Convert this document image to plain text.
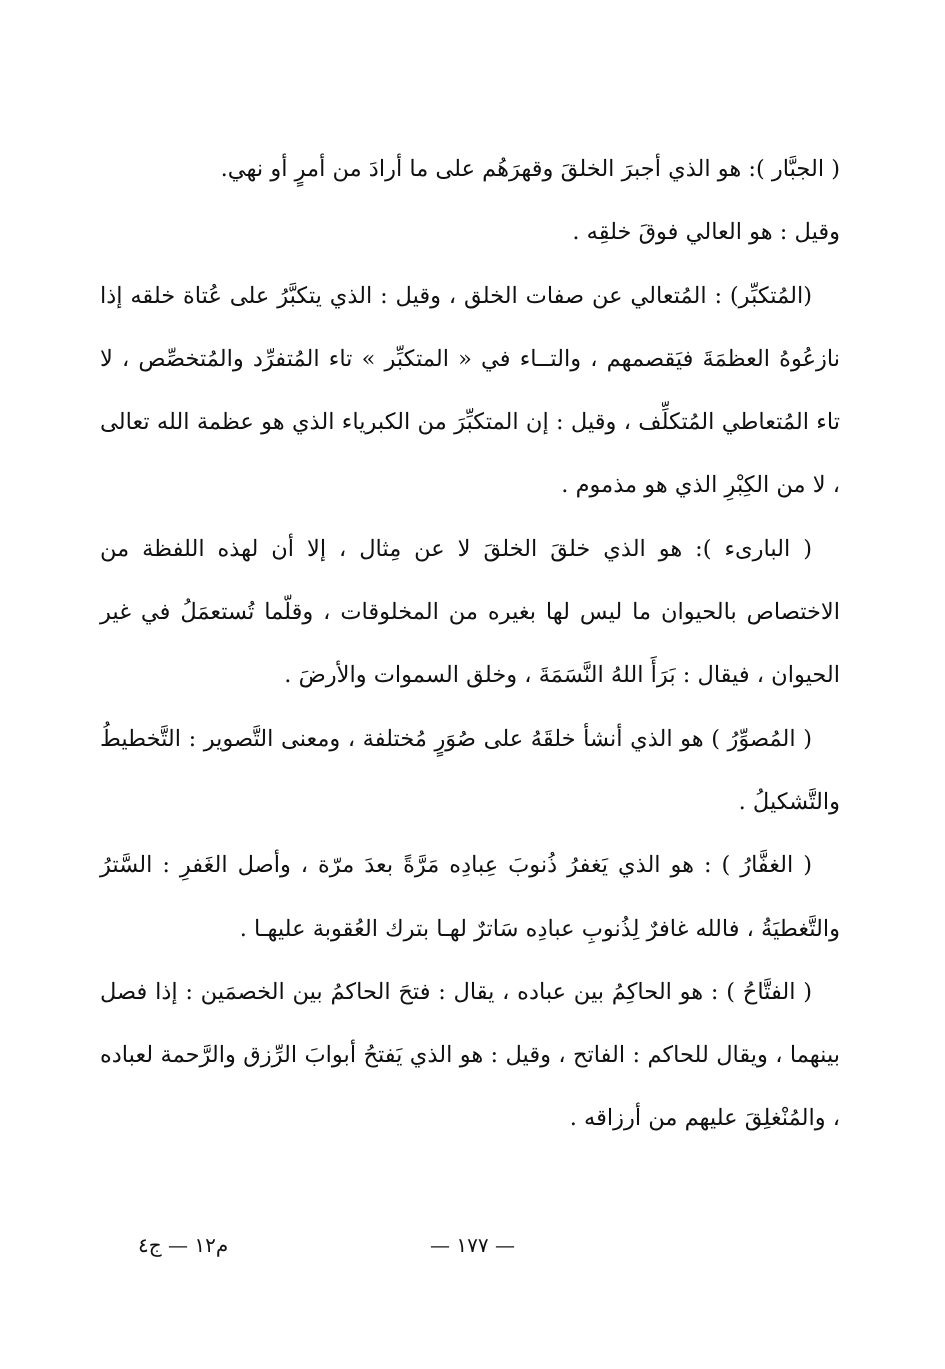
( الجبَّار ): هو الذي أجبرَ الخلقَ وقهرَهُم على ما أرادَ من أمرٍ أو نهي.

وقيل : هو العالي فوقَ خلقِه .

(المُتكبِّر) : المُتعالي عن صفات الخلق ، وقيل : الذي يتكبَّرُ على عُتاة خلقه إذا نازعُوهُ العظمَةَ فيَقصمهم ، والتــاء في « المتكبِّر » تاء المُتفرِّد والمُتخصِّص ، لا تاء المُتعاطي المُتكلِّف ، وقيل : إن المتكبِّرَ من الكبرياء الذي هو عظمة الله تعالى ، لا من الكِبْرِ الذي هو مذموم .

( البارىء ): هو الذي خلقَ الخلقَ لا عن مِثال ، إلا أن لهذه اللفظة من الاختصاص بالحيوان ما ليس لها بغيره من المخلوقات ، وقلّما تُستعمَلُ في غير الحيوان ، فيقال : بَرَأَ اللهُ النَّسَمَةَ ، وخلق السموات والأرضَ .

( المُصوِّرُ ) هو الذي أنشأ خلقَهُ على صُوَرٍ مُختلفة ، ومعنى التَّصوير : التَّخطيطُ والتَّشكيلُ .

( الغفَّارُ ) : هو الذي يَغفرُ ذُنوبَ عِبادِه مَرَّةً بعدَ مرّة ، وأصل الغَفرِ : السَّترُ والتَّغطيَةُ ، فالله غافرٌ لِذُنوبِ عبادِه سَاترٌ لهـا بترك العُقوبة عليهـا .

( الفتَّاحُ ) : هو الحاكِمُ بين عباده ، يقال : فتحَ الحاكمُ بين الخصمَين : إذا فصل بينهما ، ويقال للحاكم : الفاتح ، وقيل : هو الذي يَفتحُ أبوابَ الرِّزق والرَّحمة لعباده ، والمُنْغلِقَ عليهم من أرزاقه .

— ١٧٧ —
م١٢ — ج٤
